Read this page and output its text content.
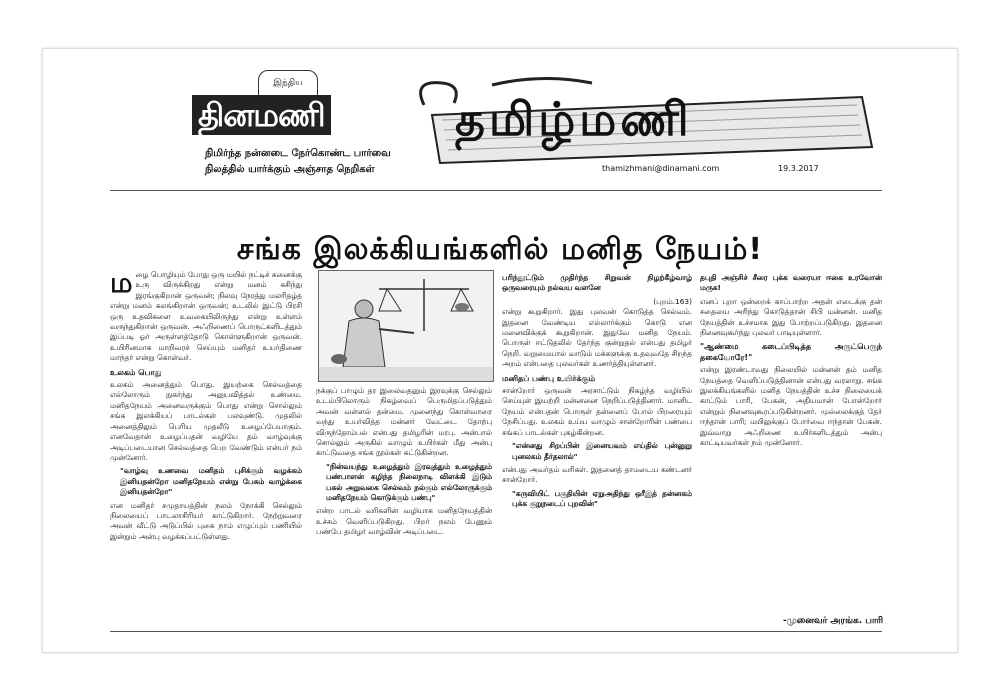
இந்திய
தினமணி
நிமிர்ந்த நன்னடை நேர்கொண்ட பார்வை
நிலத்தில் யார்க்கும் அஞ்சாத நெறிகள்
தமிழ்மணி
thamizhmani@dinamani.com	19.3.2017
சங்க இலக்கியங்களில் மனித நேயம்!
ம ழை பொழியும் போது ஒரு மயில் நட்டிச் சுனைக்கு உரு விருக்கிறது என்று மனம் கசிந்து இரங்குகிறான் ஒருவன்; நிலவு நேரத்து மலரிதழ்த என்று மனம் கலங்கிறான் ஒருவன்; உடலில் இட்டு பிரசி ஒரு உதவிகளை உவகையிலிருந்து என்று உள்ளம் வருந்துகிறான் ஒருவன். அஃறிணைப் பொருட்களிடத்தும் இப்படி ஓர் அருள்ளத்தோடு கொள்ளுகிறான் ஒருவன். உயிரினமாக மாறிவரச் செய்யும் மனிதர் உயர்திணை மாந்தர் என்று கொள்வர்.

உலகம் பொது

உலகம் அனைத்தும் பொது. இயற்கை செல்வத்தை எல்லோரும் நுகர்ந்து அனுபவித்தல் உண்மை. மனிதநேயம் அனைவருக்கும் பொது என்று சொல்லும் சங்க இலக்கியப் பாடல்கள் பலவுண்டு. முதலில் அனைத்திலும் பெரிய முதலீடு உழைப்பேயாகும். எனவேதான் உழைப்பதன் வழியே தம் வாழ்வுக்கு அடிப்படையான செல்வத்தை பெற வேண்டும் என்பர் நம் முன்னோர்.

"வாழ்வு உணவை மனிதம் புசிக்கும் வழக்கம் இனியதன்றோ மனிதநேயம் என்று பேசும் வாழ்க்கை இனியதன்றோ"

என மனிதர் சமுதாயத்தின் நலம் நோக்கி செல்லும் நிலையைப் பாடலாசிரியர் காட்டுகிறார். நேற்றுவரை அவன் வீட்டு அடுப்பில் புகை நாம் எழுப்பும் பணியில் இன்றும் அன்பு வழக்கப்பட்டுள்ளது.

நக்குப் பாழும் தர இலைவதனும் இரவுக்கு செல்லும் உடம்பிலொரும் நிகழ்வைப் பெருமிதப்படுத்தும் அவன் வள்ளல் தன்மை. முனைந்து கொள்வாரை வந்து உயர்வித்த மன்னர் வேட்டை தோற்பு விருந்தோம்பல் என்பது தமிழரின் மரபு. அன்பால் சொல்லும் அருகில் வாழும் உயிர்கள் மீது அன்பு காட்டுவதை சங்க நூல்கள் சுட்டுகின்றன.

"நின்வயந்து உழைத்தும் இரவுத்தும் உழைத்தும் பண்பாளன் கழிந்த நிலைநாடி விளக்கி இடும் பகல் அறுவகை செல்வம் நல்கும் எல்லோருக்கும் மனிதநேயம் கொடுக்கும் பண்பு"

என்ற பாடல் வரிகளின் வழியாக மனிதநேயத்தின் உச்சம் வெளிப்படுகிறது. பிறர் நலம் பேணும் பண்பே தமிழர் வாழ்வின் அடிப்படை.

பரிந்தூட்டும் முதிர்ந்த சிறுவன் நிழற்கீழ்வாழ் ஒருவரையும் நல்வய வளனே
(புறம்.163)

என்று கூறுகிறார். இது புலவன் கொடுத்த செல்வம். இதனை வேண்டிய எல்லார்க்கும் கொடு என மனைவிக்குக் கூறுகிறான். இதுவே மனித நேயம். பொருள் ஈட்டுதலில் தேர்ந்த குன்றுதல் என்பது தமிழர் நெறி. வறுமையால் வாடும் மக்களுக்கு உதவுவதே சிறந்த அறம் என்பதை புலவர்கள் உணர்த்தியுள்ளனர்.

மனிதப் பண்பு உயிர்க்கும்

சான்றோர் ஒருவன் அரசாட்டும் நிகழ்ந்த வழியில் செய்யுள் இயற்றி மன்னனை நெறிப்படுத்தினார். மானிட நேயம் என்பதன் பொருள் தன்னைப் போல் பிறரையும் நேசிப்பது. உலகம் உய்ய வாழும் சான்றோரின் பண்பை சங்கப் பாடல்கள் புகழ்கின்றன.

"என்னது சிறப்பின் இனையவம் எய்தில் புன்னுறு புனலகம் தீர்தலால்"

என்பது அவர்தம் வரிகள். இதனைத் தாமடைய கண்டனர் சான்றோர்.

"கருவியிட் பகுதியின் ஏறுஅதிந்து ஒரீஇத் தன்னகம் புக்க குறுநடைப் புறவின்"
தபுதி அஞ்சிச் சீரை புக்க வரையா ஈகை உரவோன் மருக!

எனப் புறா ஒன்றைக் காப்பாற்ற அதன் எடைக்கு தன் சதையை அரிந்து கொடுத்தான் சிபி மன்னன். மனித நேயத்தின் உச்சமாக இது போற்றப்படுகிறது. இதனை நினைவுகூர்ந்து புலவர் பாடியுள்ளார்.

"ஆண்மை கடைப்பிடித்த அருட்பெருந் தகையோரே!"

என்று இரண்டாவது நிலையில் மன்னன் தம் மனித நேயத்தை வெளிப்படுத்தினான் என்பது வரலாறு. சங்க இலக்கியங்களில் மனித நேயத்தின் உச்ச நிலையைக் காட்டும் பாரி, பேகன், அதியமான் போன்றோர் என்றும் நினைவுகூரப்படுகின்றனர். முல்லைக்குத் தேர் ஈந்தான் பாரி; மயிலுக்குப் போர்வை ஈந்தான் பேகன். இவ்வாறு அஃறிணை உயிர்களிடத்தும் அன்பு காட்டியவர்கள் நம் முன்னோர்.

-முனைவர் அரங்க. பாரி
